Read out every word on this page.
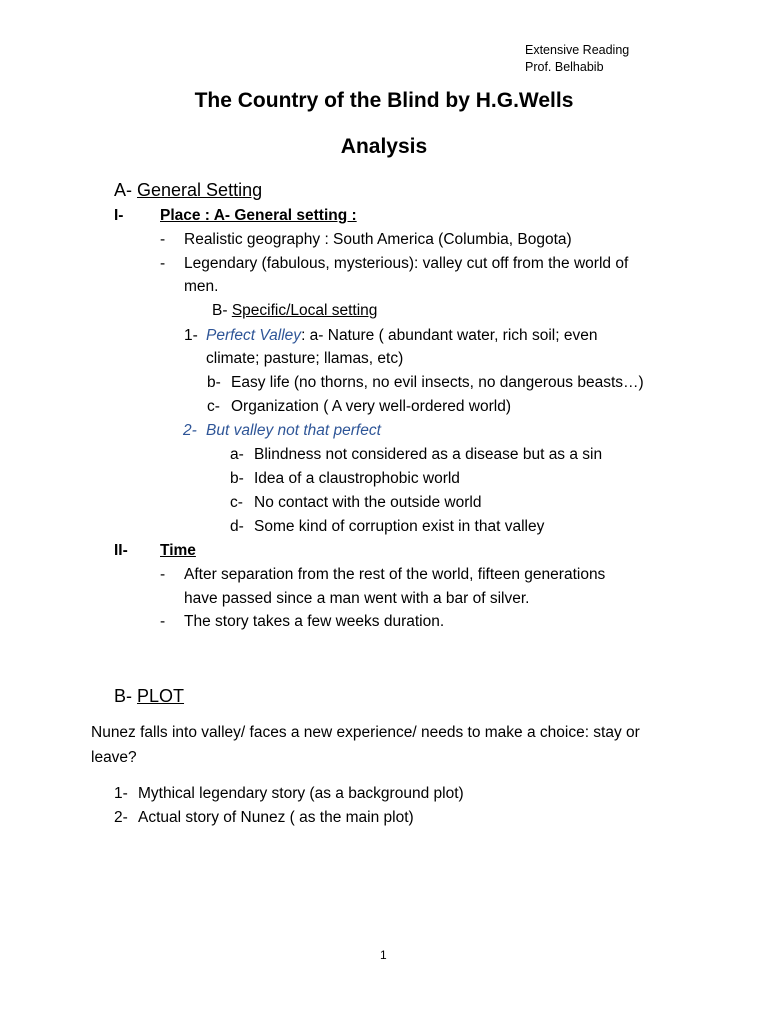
Extensive Reading
Prof. Belhabib
The Country of the Blind by H.G.Wells
Analysis
A- General Setting
I- Place : A- General setting :
- Realistic geography : South America (Columbia, Bogota)
- Legendary (fabulous, mysterious): valley cut off from the world of
men.
B- Specific/Local setting
1- Perfect Valley: a- Nature ( abundant water, rich soil; even
climate; pasture; llamas, etc)
b- Easy life (no thorns, no evil insects, no dangerous beasts…)
c- Organization ( A very well-ordered world)
2- But valley not that perfect
a- Blindness not considered as a disease but as a sin
b- Idea of a claustrophobic world
c- No contact with the outside world
d- Some kind of corruption exist in that valley
II- Time
- After separation from the rest of the world, fifteen generations
have passed since a man went with a bar of silver.
- The story takes a few weeks duration.
B- PLOT
Nunez falls into valley/ faces a new experience/ needs to make a choice: stay or
leave?
1- Mythical legendary story (as a background plot)
2- Actual story of Nunez ( as the main plot)
1
